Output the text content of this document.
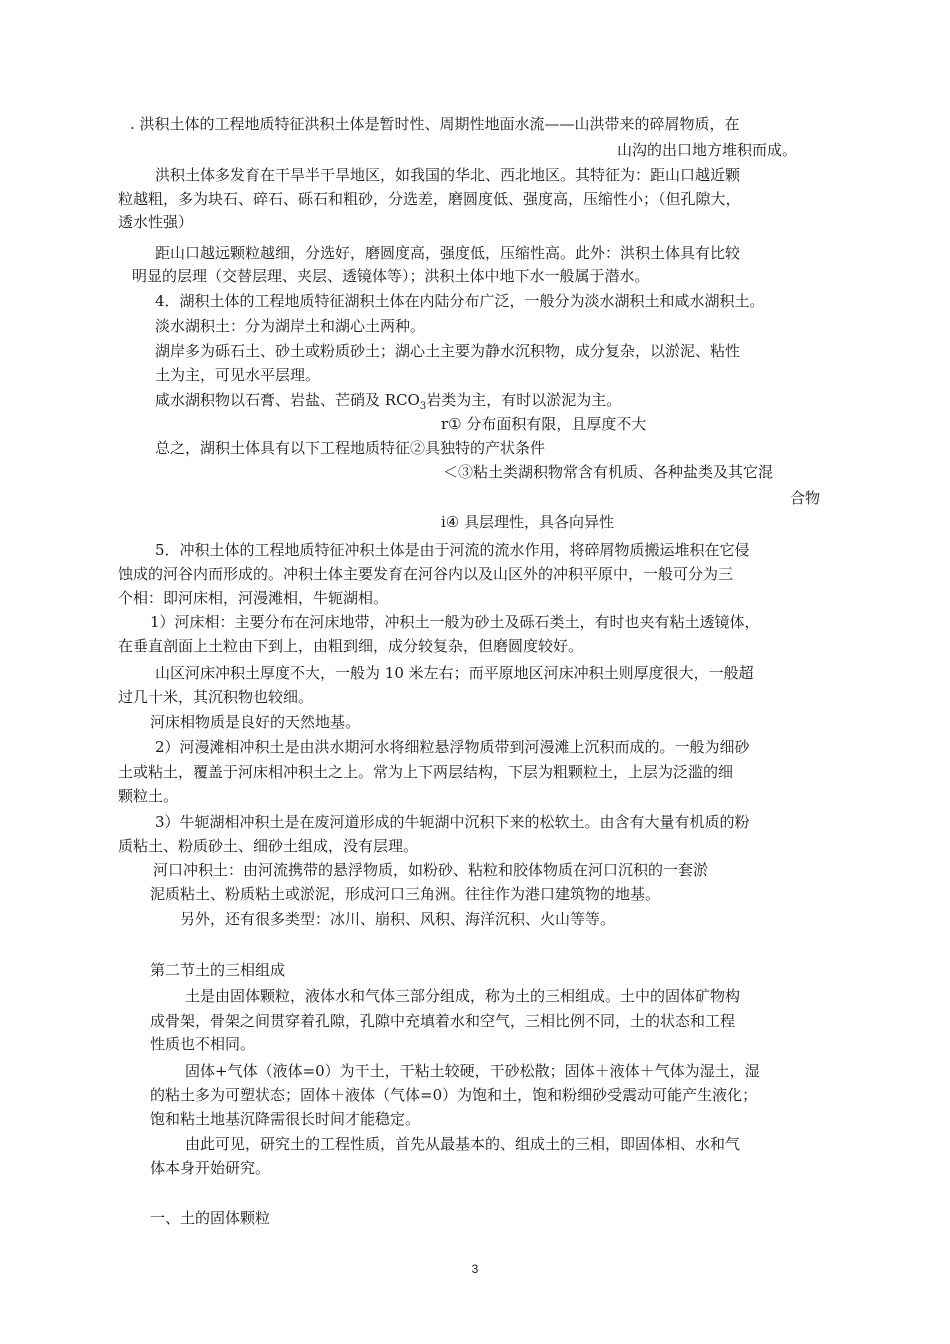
. 洪积土体的工程地质特征洪积土体是暂时性、周期性地面水流——山洪带来的碎屑物质，在
山沟的出口地方堆积而成。
洪积土体多发育在干旱半干旱地区，如我国的华北、西北地区。其特征为：距山口越近颗
粒越粗，多为块石、碎石、砾石和粗砂，分选差，磨圆度低、强度高，压缩性小；（但孔隙大，
透水性强）
距山口越远颗粒越细，分选好，磨圆度高，强度低，压缩性高。此外：洪积土体具有比较
明显的层理（交替层理、夹层、透镜体等）；洪积土体中地下水一般属于潜水。
4．湖积土体的工程地质特征湖积土体在内陆分布广泛，一般分为淡水湖积土和咸水湖积土。
淡水湖积土：分为湖岸土和湖心土两种。
湖岸多为砾石土、砂土或粉质砂土；湖心土主要为静水沉积物，成分复杂，以淤泥、粘性
土为主，可见水平层理。
咸水湖积物以石膏、岩盐、芒硝及 $RCO_3$岩类为主，有时以淤泥为主。
r① 分布面积有限，且厚度不大
总之，湖积土体具有以下工程地质特征②具独特的产状条件
＜③粘土类湖积物常含有机质、各种盐类及其它混
合物
i④ 具层理性，具各向异性
5．冲积土体的工程地质特征冲积土体是由于河流的流水作用，将碎屑物质搬运堆积在它侵
蚀成的河谷内而形成的。冲积土体主要发育在河谷内以及山区外的冲积平原中，一般可分为三
个相：即河床相，河漫滩相，牛轭湖相。
1）河床相：主要分布在河床地带，冲积土一般为砂土及砾石类土，有时也夹有粘土透镜体，
在垂直剖面上土粒由下到上，由粗到细，成分较复杂，但磨圆度较好。
山区河床冲积土厚度不大，一般为 10 米左右；而平原地区河床冲积土则厚度很大，一般超
过几十米，其沉积物也较细。
河床相物质是良好的天然地基。
2）河漫滩相冲积土是由洪水期河水将细粒悬浮物质带到河漫滩上沉积而成的。一般为细砂
土或粘土，覆盖于河床相冲积土之上。常为上下两层结构，下层为粗颗粒土，上层为泛滥的细
颗粒土。
3）牛轭湖相冲积土是在废河道形成的牛轭湖中沉积下来的松软土。由含有大量有机质的粉
质粘土、粉质砂土、细砂土组成，没有层理。
河口冲积土：由河流携带的悬浮物质，如粉砂、粘粒和胶体物质在河口沉积的一套淤
泥质粘土、粉质粘土或淤泥，形成河口三角洲。往往作为港口建筑物的地基。
另外，还有很多类型：冰川、崩积、风积、海洋沉积、火山等等。
第二节土的三相组成
土是由固体颗粒，液体水和气体三部分组成，称为土的三相组成。土中的固体矿物构
成骨架，骨架之间贯穿着孔隙，孔隙中充填着水和空气，三相比例不同，土的状态和工程
性质也不相同。
固体+气体（液体=0）为干土，干粘土较硬，干砂松散；固体＋液体＋气体为湿土，湿
的粘土多为可塑状态；固体＋液体（气体=0）为饱和土，饱和粉细砂受震动可能产生液化；
饱和粘土地基沉降需很长时间才能稳定。
由此可见，研究土的工程性质，首先从最基本的、组成土的三相，即固体相、水和气
体本身开始研究。
一、土的固体颗粒
3
